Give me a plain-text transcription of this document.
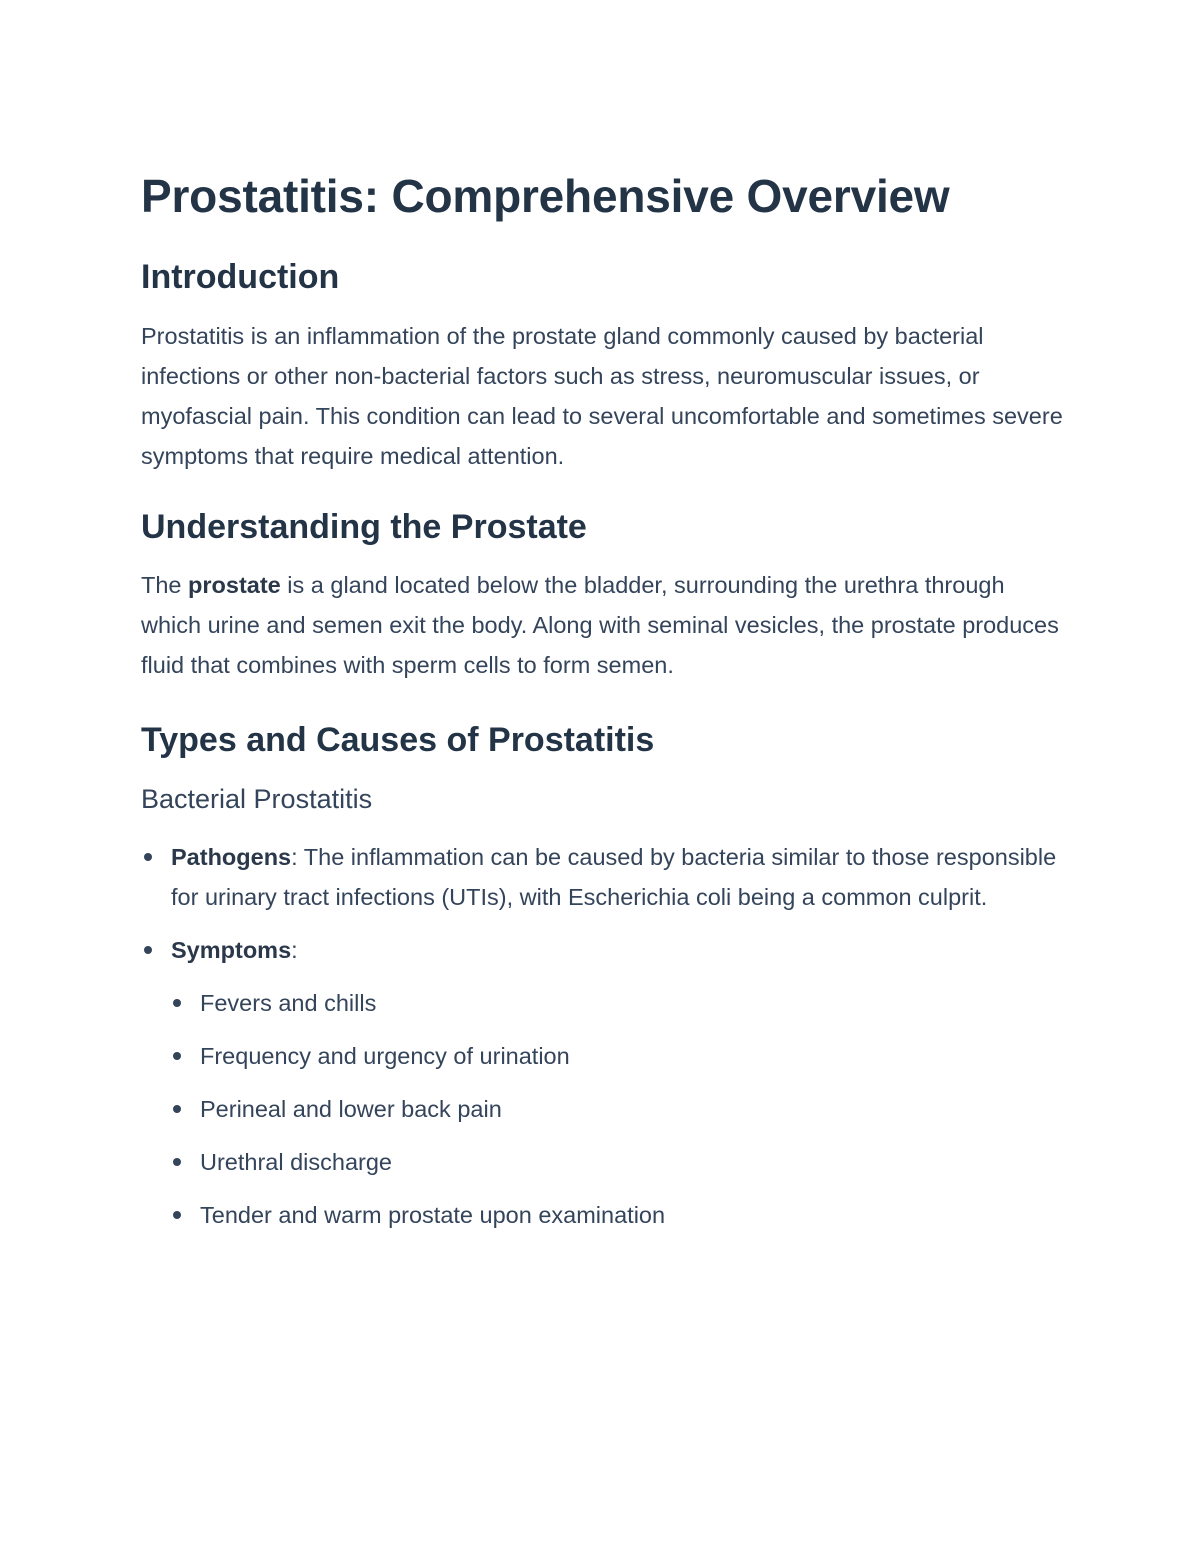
Prostatitis: Comprehensive Overview
Introduction

Prostatitis is an inflammation of the prostate gland commonly caused by bacterial infections or other non-bacterial factors such as stress, neuromuscular issues, or myofascial pain. This condition can lead to several uncomfortable and sometimes severe symptoms that require medical attention.

Understanding the Prostate

The prostate is a gland located below the bladder, surrounding the urethra through which urine and semen exit the body. Along with seminal vesicles, the prostate produces fluid that combines with sperm cells to form semen.

Types and Causes of Prostatitis
Bacterial Prostatitis
Pathogens: The inflammation can be caused by bacteria similar to those responsible for urinary tract infections (UTIs), with Escherichia coli being a common culprit.
Symptoms:
Fevers and chills
Frequency and urgency of urination
Perineal and lower back pain
Urethral discharge
Tender and warm prostate upon examination
